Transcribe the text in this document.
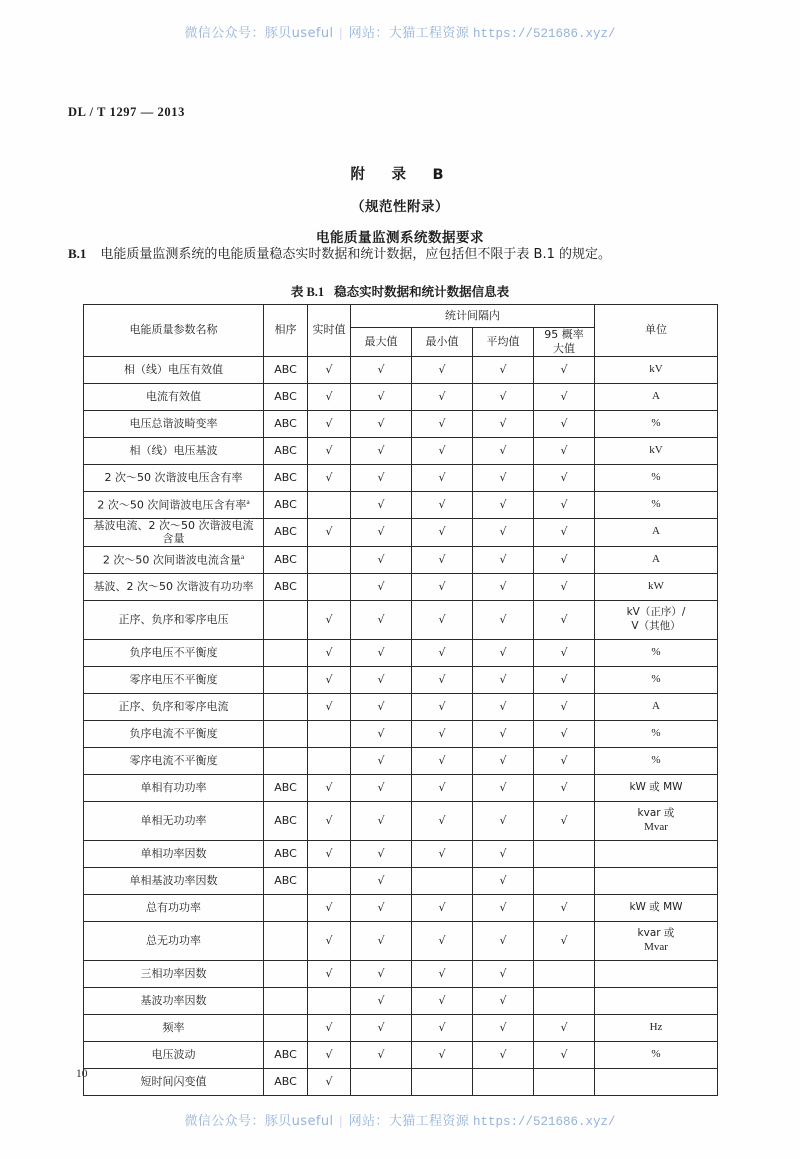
微信公众号：豚贝useful | 网站：大猫工程资源 https://521686.xyz/
DL / T 1297 — 2013
附　录　B
（规范性附录）
电能质量监测系统数据要求
B.1 电能质量监测系统的电能质量稳态实时数据和统计数据，应包括但不限于表 B.1 的规定。
表 B.1 稳态实时数据和统计数据信息表
电能质量参数名称	相序	实时值	统计间隔内				单位
			最大值	最小值	平均值	95 概率
大值	
相（线）电压有效值	ABC	√	√	√	√	√	kV
电流有效值	ABC	√	√	√	√	√	A
电压总谐波畸变率	ABC	√	√	√	√	√	%
相（线）电压基波	ABC	√	√	√	√	√	kV
2 次～50 次谐波电压含有率	ABC	√	√	√	√	√	%
2 次～50 次间谐波电压含有率$^a$	ABC		√	√	√	√	%
基波电流、2 次～50 次谐波电流含量	ABC	√	√	√	√	√	A
2 次～50 次间谐波电流含量$^a$	ABC		√	√	√	√	A
基波、2 次～50 次谐波有功功率	ABC		√	√	√	√	kW
正序、负序和零序电压		√	√	√	√	√	kV（正序）/
V（其他）
负序电压不平衡度		√	√	√	√	√	%
零序电压不平衡度		√	√	√	√	√	%
正序、负序和零序电流		√	√	√	√	√	A
负序电流不平衡度			√	√	√	√	%
零序电流不平衡度			√	√	√	√	%
单相有功功率	ABC	√	√	√	√	√	kW 或 MW
单相无功功率	ABC	√	√	√	√	√	kvar 或
Mvar
单相功率因数	ABC	√	√	√	√		
单相基波功率因数	ABC		√		√		
总有功功率		√	√	√	√	√	kW 或 MW
总无功功率		√	√	√	√	√	kvar 或
Mvar
三相功率因数		√	√	√	√		
基波功率因数			√	√	√		
频率		√	√	√	√	√	Hz
电压波动	ABC	√	√	√	√	√	%
短时间闪变值	ABC	√					
10
微信公众号：豚贝useful | 网站：大猫工程资源 https://521686.xyz/
